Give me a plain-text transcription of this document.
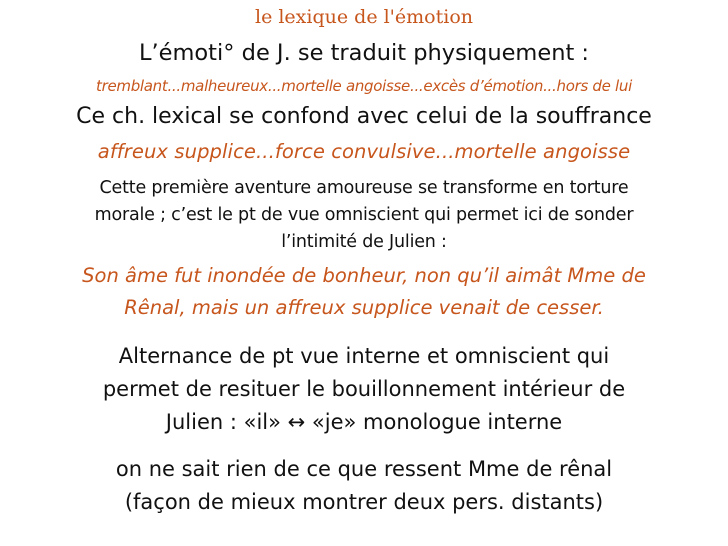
le lexique de l'émotion

L’émoti° de J. se traduit physiquement :

tremblant...malheureux...mortelle angoisse...excès d’émotion...hors de lui

Ce ch. lexical se confond avec celui de la souffrance

affreux supplice...force convulsive...mortelle angoisse

Cette première aventure amoureuse se transforme en torture
morale ; c’est le pt de vue omniscient qui permet ici de sonder
l’intimité de Julien :
Son âme fut inondée de bonheur, non qu’il aimât Mme de
Rênal, mais un affreux supplice venait de cesser.
Alternance de pt vue interne et omniscient qui
permet de resituer le bouillonnement intérieur de
Julien : «il» ↔ «je» monologue interne
on ne sait rien de ce que ressent Mme de rênal
(façon de mieux montrer deux pers. distants)
